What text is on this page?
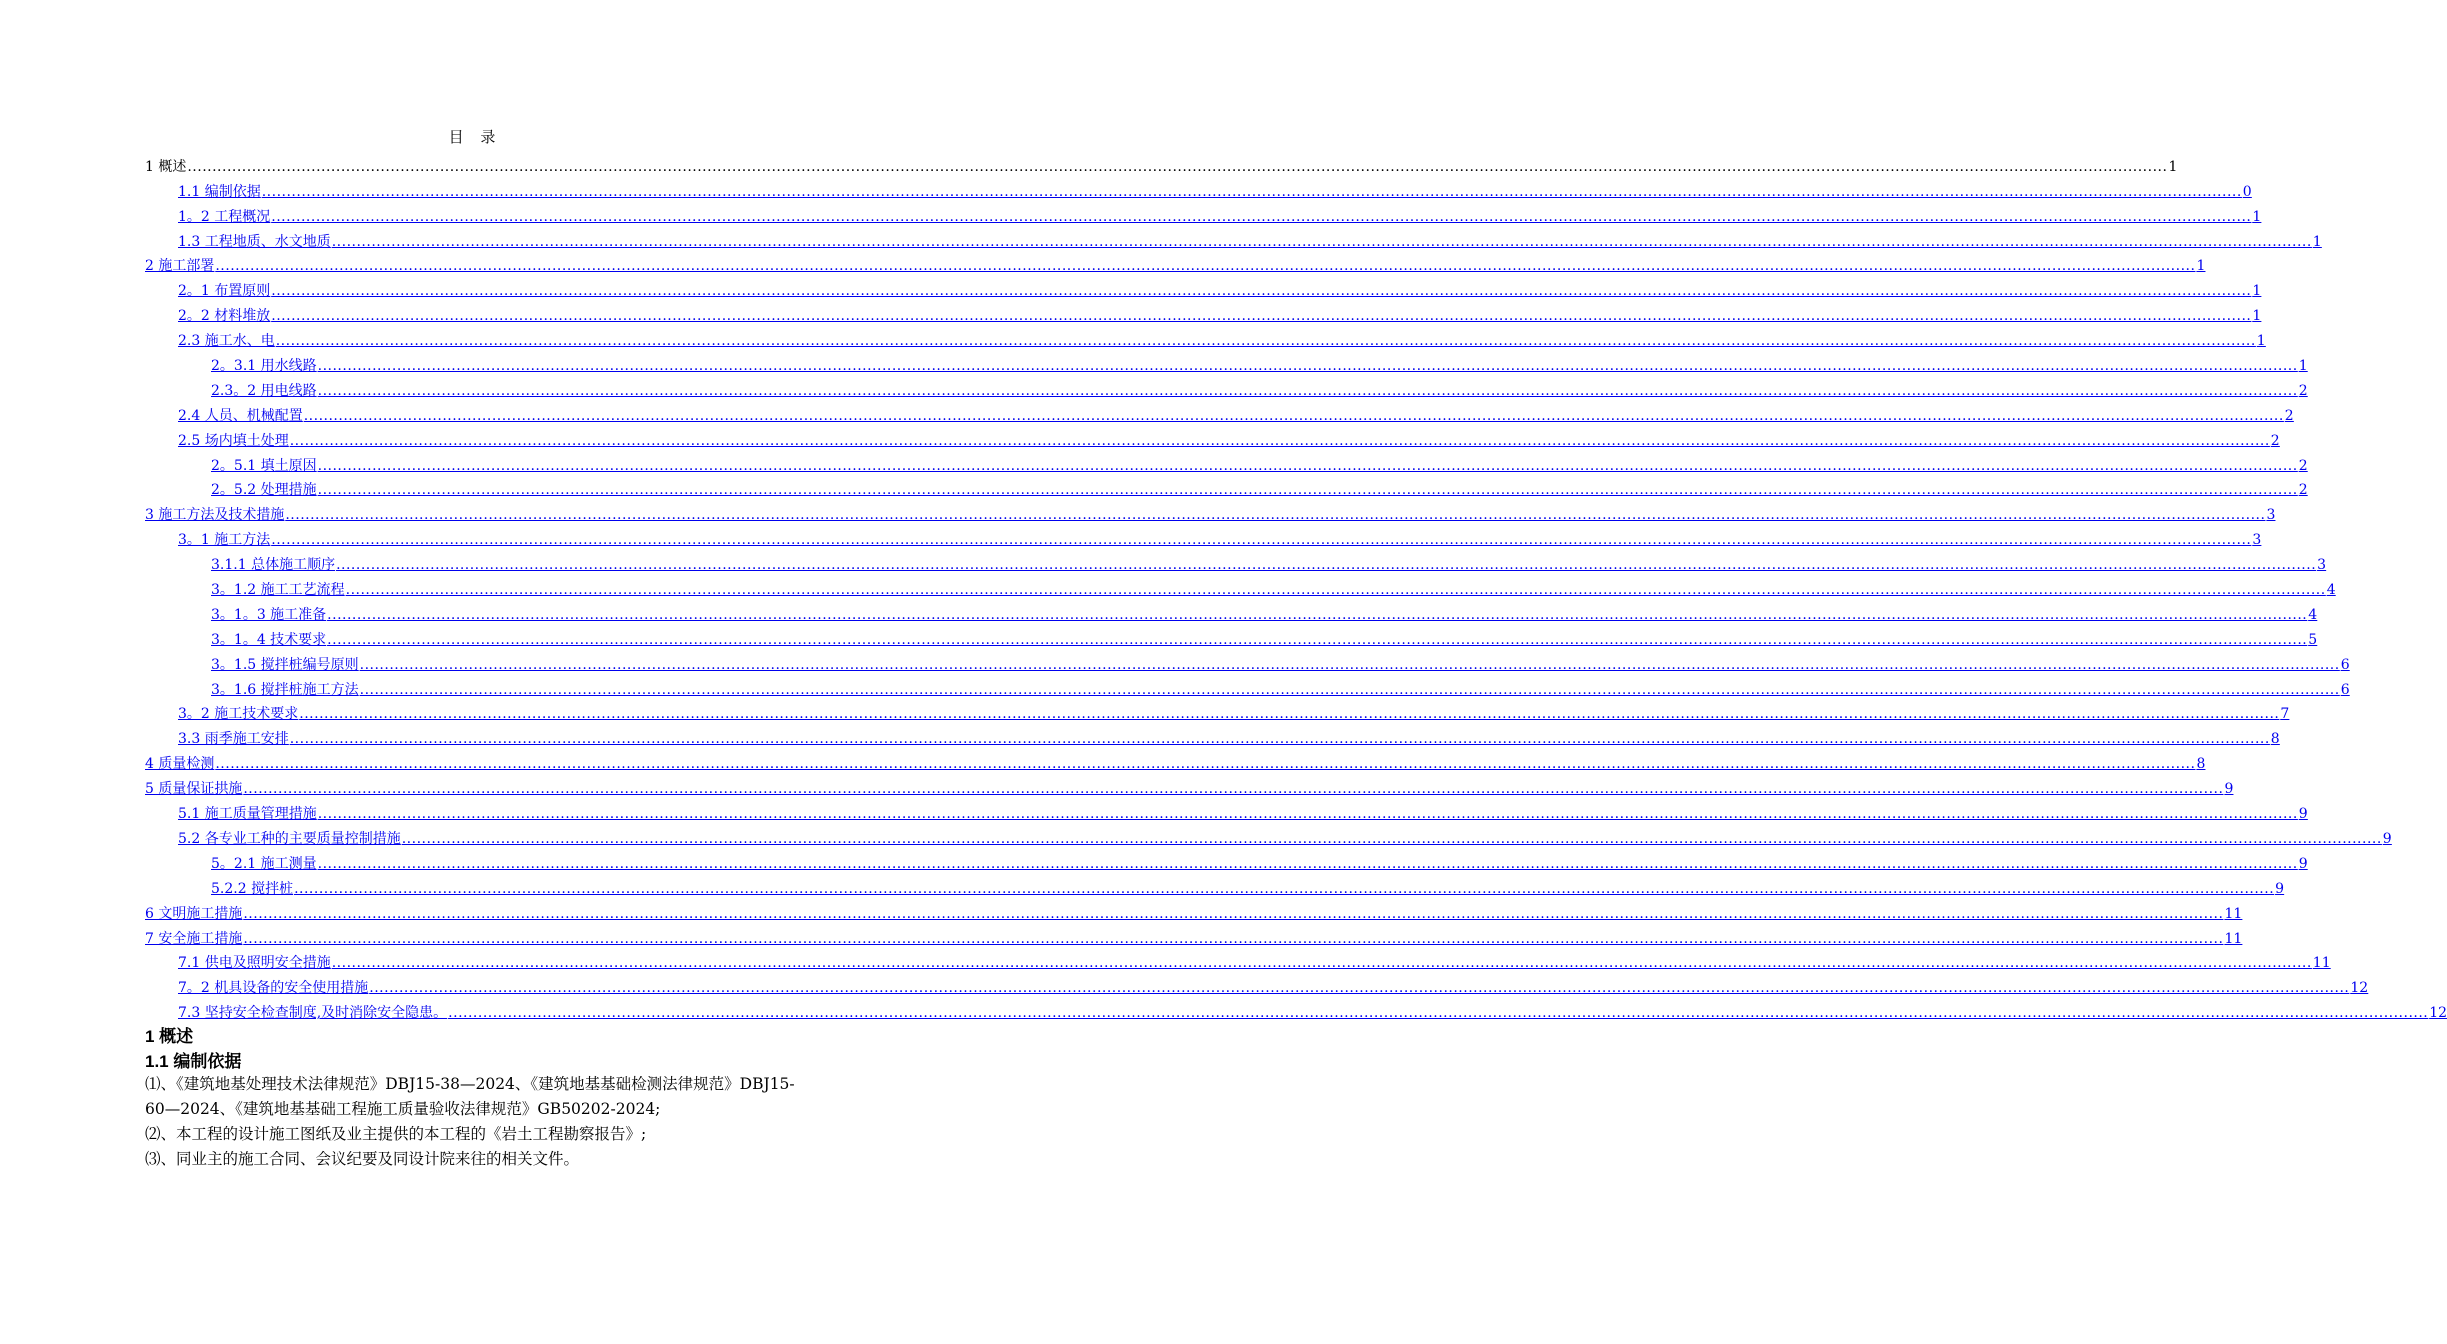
目 录
1 概述 ................................................................................................................................................................................................................................................................................................................................................................................................................ 1
1.1 编制依据 ................................................................................................................................................................................................................................................................................................................................................................................................................ 0
1。2 工程概况 ................................................................................................................................................................................................................................................................................................................................................................................................................ 1
1.3 工程地质、水文地质 ................................................................................................................................................................................................................................................................................................................................................................................................................ 1
2 施工部署 ................................................................................................................................................................................................................................................................................................................................................................................................................ 1
2。1 布置原则 ................................................................................................................................................................................................................................................................................................................................................................................................................ 1
2。2 材料堆放 ................................................................................................................................................................................................................................................................................................................................................................................................................ 1
2.3 施工水、电 ................................................................................................................................................................................................................................................................................................................................................................................................................ 1
2。3.1 用水线路 ................................................................................................................................................................................................................................................................................................................................................................................................................ 1
2.3。2 用电线路 ................................................................................................................................................................................................................................................................................................................................................................................................................ 2
2.4 人员、机械配置 ................................................................................................................................................................................................................................................................................................................................................................................................................ 2
2.5 场内填土处理 ................................................................................................................................................................................................................................................................................................................................................................................................................ 2
2。5.1 填土原因 ................................................................................................................................................................................................................................................................................................................................................................................................................ 2
2。5.2 处理措施 ................................................................................................................................................................................................................................................................................................................................................................................................................ 2
3 施工方法及技术措施 ................................................................................................................................................................................................................................................................................................................................................................................................................ 3
3。1 施工方法 ................................................................................................................................................................................................................................................................................................................................................................................................................ 3
3.1.1 总体施工顺序 ................................................................................................................................................................................................................................................................................................................................................................................................................ 3
3。1.2 施工工艺流程 ................................................................................................................................................................................................................................................................................................................................................................................................................ 4
3。1。3 施工准备 ................................................................................................................................................................................................................................................................................................................................................................................................................ 4
3。1。4 技术要求 ................................................................................................................................................................................................................................................................................................................................................................................................................ 5
3。1.5 搅拌桩编号原则 ................................................................................................................................................................................................................................................................................................................................................................................................................ 6
3。1.6 搅拌桩施工方法 ................................................................................................................................................................................................................................................................................................................................................................................................................ 6
3。2 施工技术要求 ................................................................................................................................................................................................................................................................................................................................................................................................................ 7
3.3 雨季施工安排 ................................................................................................................................................................................................................................................................................................................................................................................................................ 8
4 质量检测 ................................................................................................................................................................................................................................................................................................................................................................................................................ 8
5 质量保证拱施 ................................................................................................................................................................................................................................................................................................................................................................................................................ 9
5.1 施工质量管理措施 ................................................................................................................................................................................................................................................................................................................................................................................................................ 9
5.2 各专业工种的主要质量控制措施 ................................................................................................................................................................................................................................................................................................................................................................................................................ 9
5。2.1 施工测量 ................................................................................................................................................................................................................................................................................................................................................................................................................ 9
5.2.2 搅拌桩 ................................................................................................................................................................................................................................................................................................................................................................................................................ 9
6 文明施工措施 ................................................................................................................................................................................................................................................................................................................................................................................................................ 11
7 安全施工措施 ................................................................................................................................................................................................................................................................................................................................................................................................................ 11
7.1 供电及照明安全措施 ................................................................................................................................................................................................................................................................................................................................................................................................................ 11
7。2 机具设备的安全使用措施 ................................................................................................................................................................................................................................................................................................................................................................................................................ 12
7.3 坚持安全检查制度,及时消除安全隐患。 ................................................................................................................................................................................................................................................................................................................................................................................................................ 12
1 概述
1.1 编制依据

⑴、《建筑地基处理技术法律规范》DBJ15-38—2024、《建筑地基基础检测法律规范》DBJ15-60—2024、《建筑地基基础工程施工质量验收法律规范》GB50202-2024;

⑵、本工程的设计施工图纸及业主提供的本工程的《岩土工程勘察报告》;

⑶、同业主的施工合同、会议纪要及同设计院来往的相关文件。
